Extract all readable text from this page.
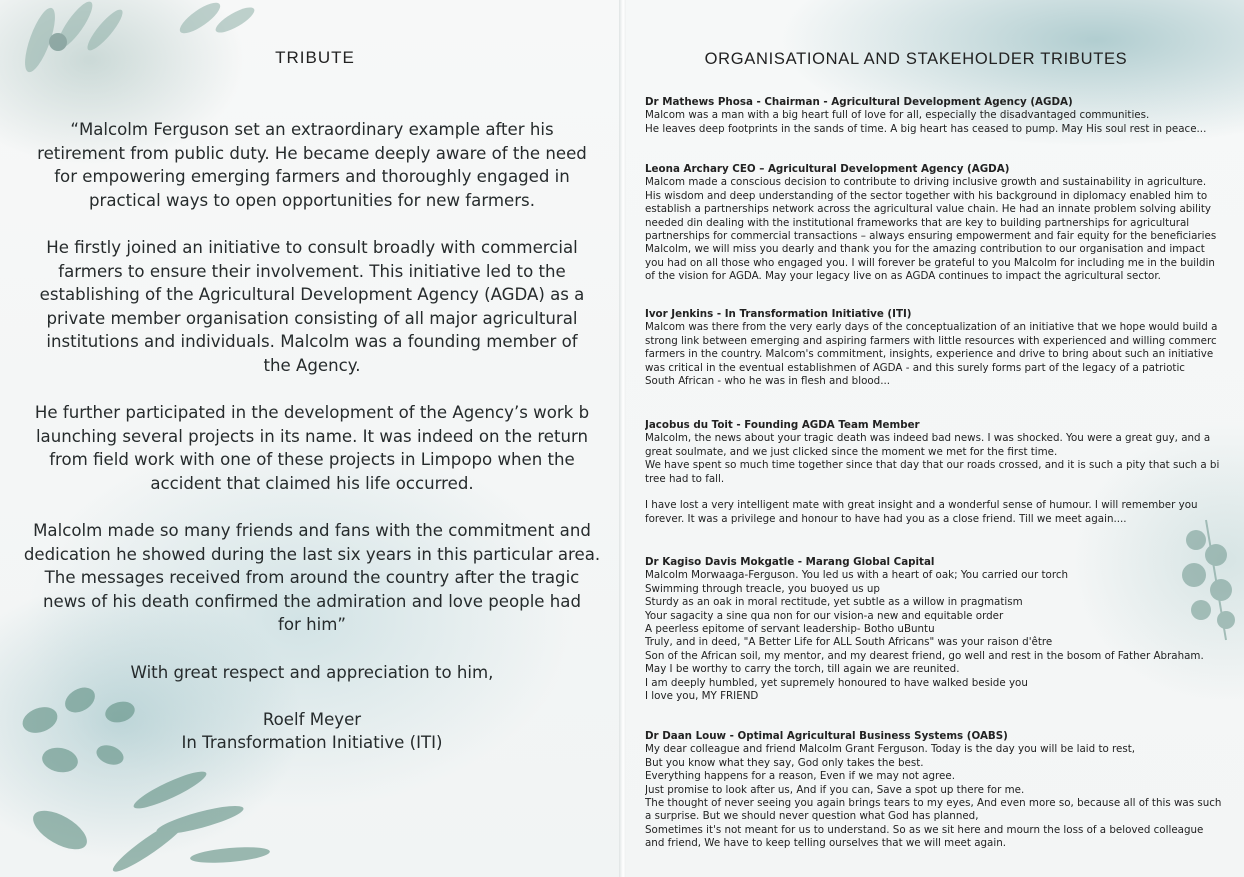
TRIBUTE

“Malcolm Ferguson set an extraordinary example after his
retirement from public duty. He became deeply aware of the need
for empowering emerging farmers and thoroughly engaged in
practical ways to open opportunities for new farmers.

He firstly joined an initiative to consult broadly with commercial
farmers to ensure their involvement. This initiative led to the
establishing of the Agricultural Development Agency (AGDA) as a
private member organisation consisting of all major agricultural
institutions and individuals. Malcolm was a founding member of
the Agency.

He further participated in the development of the Agency’s work b
launching several projects in its name. It was indeed on the return
from field work with one of these projects in Limpopo when the
accident that claimed his life occurred.

Malcolm made so many friends and fans with the commitment and
dedication he showed during the last six years in this particular area.
The messages received from around the country after the tragic
news of his death confirmed the admiration and love people had
for him”

With great respect and appreciation to him,
Roelf Meyer
In Transformation Initiative (ITI)
ORGANISATIONAL AND STAKEHOLDER TRIBUTES
Dr Mathews Phosa - Chairman - Agricultural Development Agency (AGDA)
Malcom was a man with a big heart full of love for all, especially the disadvantaged communities.
He leaves deep footprints in the sands of time. A big heart has ceased to pump. May His soul rest in peace...
Leona Archary CEO – Agricultural Development Agency (AGDA)
Malcom made a conscious decision to contribute to driving inclusive growth and sustainability in agriculture.
His wisdom and deep understanding of the sector together with his background in diplomacy enabled him to
establish a partnerships network across the agricultural value chain. He had an innate problem solving ability
needed din dealing with the institutional frameworks that are key to building partnerships for agricultural
partnerships for commercial transactions – always ensuring empowerment and fair equity for the beneficiaries
Malcolm, we will miss you dearly and thank you for the amazing contribution to our organisation and impact
you had on all those who engaged you. I will forever be grateful to you Malcolm for including me in the buildin
of the vision for AGDA. May your legacy live on as AGDA continues to impact the agricultural sector.
Ivor Jenkins - In Transformation Initiative (ITI)
Malcom was there from the very early days of the conceptualization of an initiative that we hope would build a
strong link between emerging and aspiring farmers with little resources with experienced and willing commerc
farmers in the country. Malcom's commitment, insights, experience and drive to bring about such an initiative
was critical in the eventual establishmen of AGDA - and this surely forms part of the legacy of a patriotic
South African - who he was in flesh and blood...
Jacobus du Toit - Founding AGDA Team Member
Malcolm, the news about your tragic death was indeed bad news. I was shocked. You were a great guy, and a
great soulmate, and we just clicked since the moment we met for the first time.
We have spent so much time together since that day that our roads crossed, and it is such a pity that such a bi
tree had to fall.
I have lost a very intelligent mate with great insight and a wonderful sense of humour. I will remember you
forever. It was a privilege and honour to have had you as a close friend. Till we meet again....
Dr Kagiso Davis Mokgatle - Marang Global Capital
Malcolm Morwaaga-Ferguson. You led us with a heart of oak; You carried our torch
Swimming through treacle, you buoyed us up
Sturdy as an oak in moral rectitude, yet subtle as a willow in pragmatism
Your sagacity a sine qua non for our vision-a new and equitable order
A peerless epitome of servant leadership- Botho uBuntu
Truly, and in deed, "A Better Life for ALL South Africans" was your raison d'être
Son of the African soil, my mentor, and my dearest friend, go well and rest in the bosom of Father Abraham.
May I be worthy to carry the torch, till again we are reunited.
I am deeply humbled, yet supremely honoured to have walked beside you
I love you, MY FRIEND
Dr Daan Louw - Optimal Agricultural Business Systems (OABS)
My dear colleague and friend Malcolm Grant Ferguson. Today is the day you will be laid to rest,
But you know what they say, God only takes the best.
Everything happens for a reason, Even if we may not agree.
Just promise to look after us, And if you can, Save a spot up there for me.
The thought of never seeing you again brings tears to my eyes, And even more so, because all of this was such
a surprise. But we should never question what God has planned,
Sometimes it's not meant for us to understand. So as we sit here and mourn the loss of a beloved colleague
and friend, We have to keep telling ourselves that we will meet again.
